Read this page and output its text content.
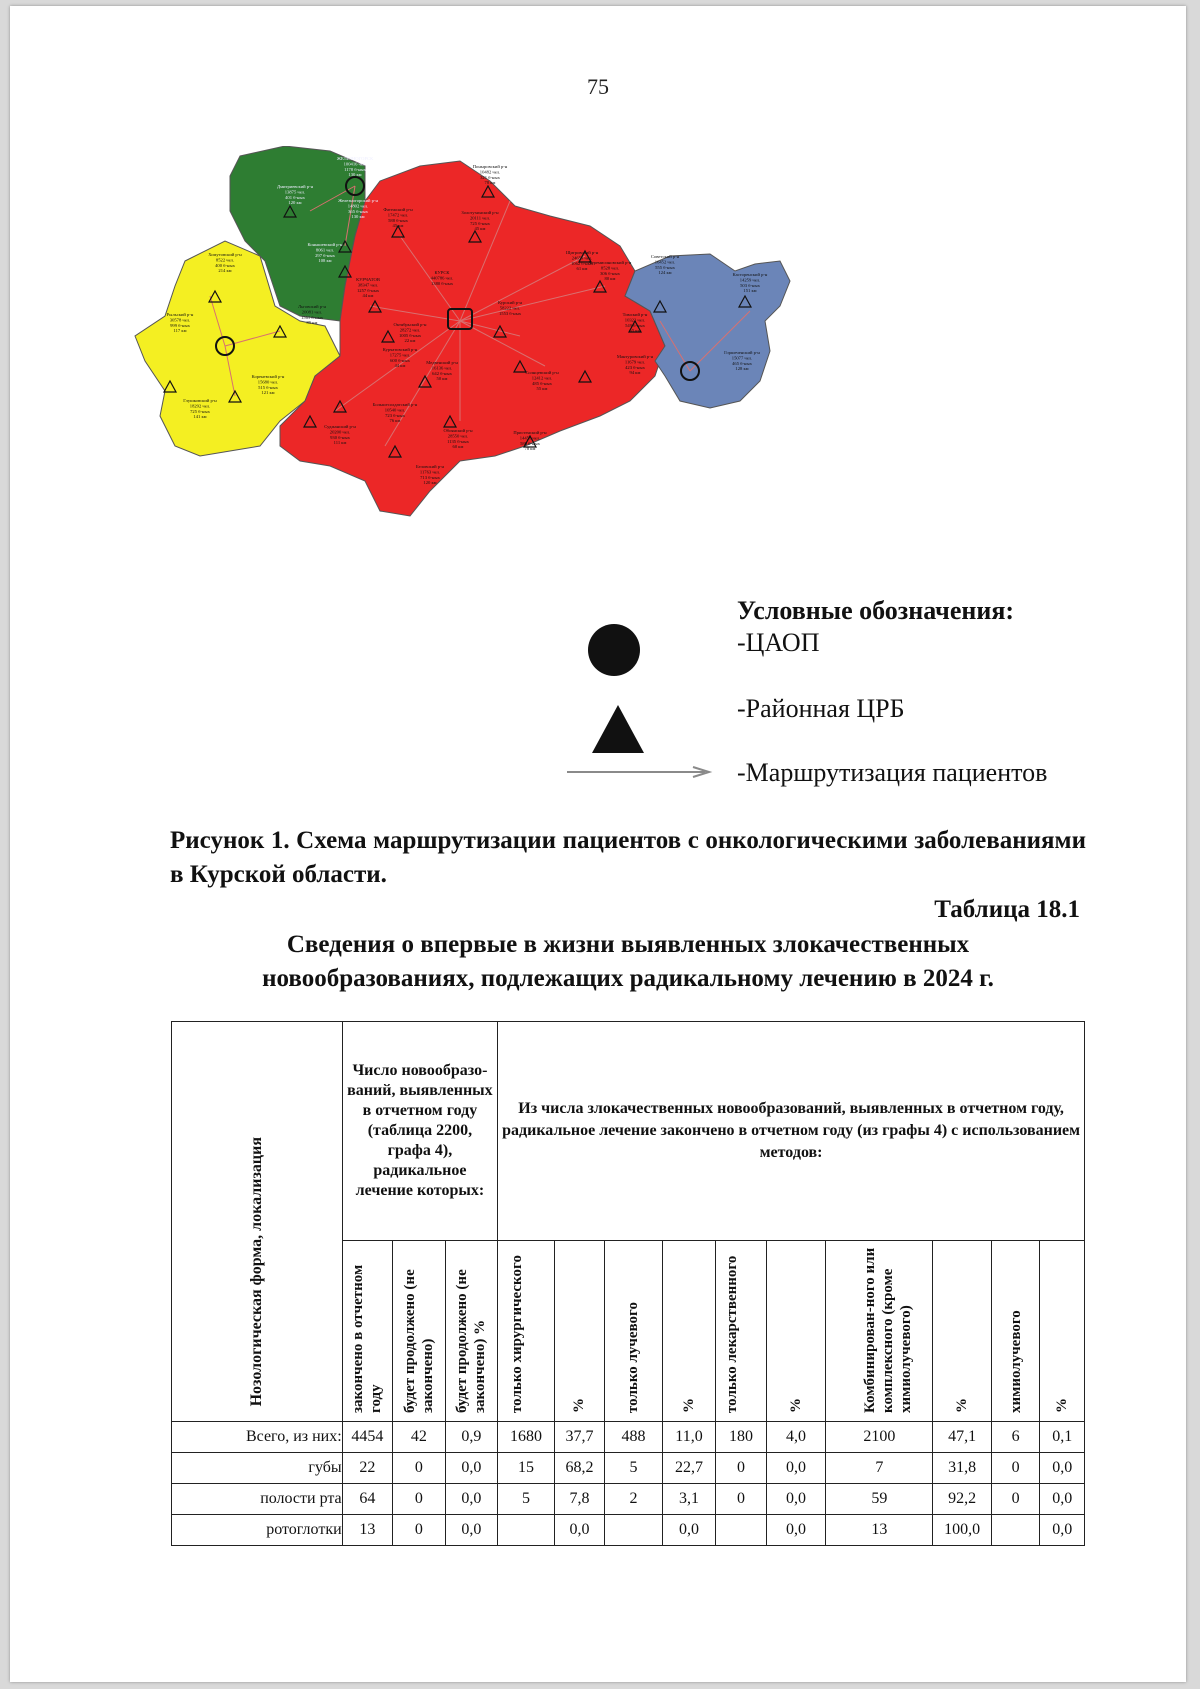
75
ЖЕЛЕЗНОГОРСК 100416 чел. 1178 б-ных 130 км
Дмитриевский р-н 13875 чел. 401 б-ных 120 км	Железногорский р-н 14802 чел. 365 б-ных 130 км
Конышевский р-н 8061 чел. 297 б-ных 108 км
Хомутовский р-н 8522 чел. 400 б-ных 214 км
Рыльский р-н 30578 чел. 999 б-ных 117 км
Льговский р-н 20081 чел. 1561 б-ных 85 км
Кореневский р-н 15680 чел. 515 б-ных 121 км
Глушковский р-н 18292 чел. 725 б-ных 141 км
Поныровский р-н 10482 чел. 321 б-ных 78 км
Фатежский р-н 17472 чел. 588 б-ных 45 км
Золотухинский р-н 20111 чел. 725 б-ных 45 км
КУРСК 440786 чел. 1380 б-ных
Щигровский р-н 24659 чел. 1062 б-ных 61 км
Черемисиновский р-н 8528 чел. 306 б-ных 80 км
Курский р-н 58222 чел. 1553 б-ных
КУРЧАТОВ 38347 чел. 1257 б-ных 44 км
Октябрьский р-н 28272 чел. 1005 б-ных 22 км
Курчатовский р-н 17275 чел. 600 б-ных 44 км
Медвенский р-н 16136 чел. 642 б-ных 50 км
Солнцевский р-н 12412 чел. 485 б-ных 55 км
Тимский р-н 10322 чел. 549 б-ных 65 км
Мантуровский р-н 11679 чел. 423 б-ных 94 км
Большесолдатский р-н 10540 чел. 723 б-ных 76 км
Суджанский р-н 20200 чел. 930 б-ных 111 км
Обоянский р-н 28550 чел. 1135 б-ных 60 км
Пристенский р-н 14458 чел. 586 б-ных 78 км
Беловский р-н 11763 чел. 713 б-ных 120 км
Советский р-н 16452 чел. 555 б-ных 124 км	Касторенский р-н 14259 чел. 503 б-ных 151 км
Горшеченский р-н 15077 чел. 465 б-ных 128 км
Условные обозначения:
-ЦАОП
-Районная ЦРБ
-Маршрутизация пациентов
Рисунок 1. Схема маршрутизации пациентов с онкологическими заболеваниями в Курской области.
Таблица 18.1
Сведения о впервые в жизни выявленных злокачественных
новообразованиях, подлежащих радикальному лечению в 2024 г.
Нозологическая форма, локализация	Число новообразо-ваний, выявленных в отчетном году (таблица 2200, графа 4), радикальное лечение которых:			Из числа злокачественных новообразований, выявленных в отчетном году, радикальное лечение закончено в отчетном году (из графы 4) с использованием методов:									

	закончено в отчетном году	будет продолжено (не закончено)	будет продолжено (не закончено) %	только хирургического	%	только лучевого	%	только лекарственного	%	Комбинирован-ного или комплексного (кроме химиолучевого)	%	химиолучевого	%

Всего, из них:	4454	42	0,9	1680	37,7	488	11,0	180	4,0	2100	47,1	6	0,1
губы	22	0	0,0	15	68,2	5	22,7	0	0,0	7	31,8	0	0,0
полости рта	64	0	0,0	5	7,8	2	3,1	0	0,0	59	92,2	0	0,0
ротоглотки	13	0	0,0		0,0		0,0		0,0	13	100,0		0,0
